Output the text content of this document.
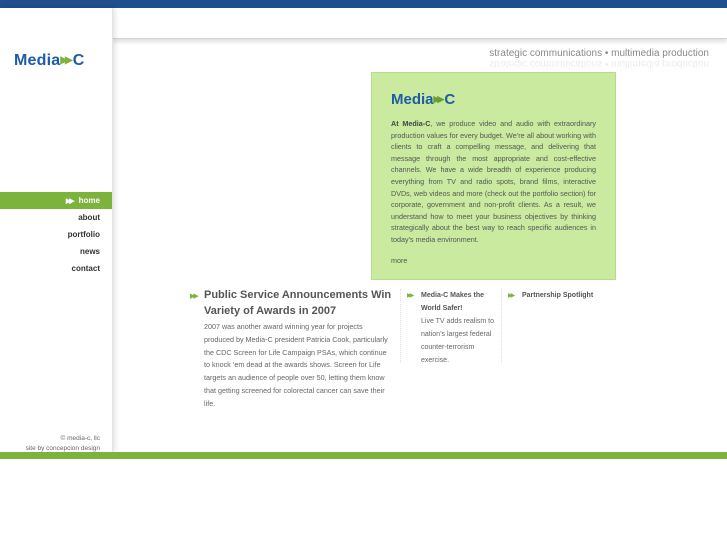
Media▶▶ C
▶▶ home
about
portfolio
news
contact
© media-c, llc
site by concepcion design
strategic communications • multimedia production
strategic communications • multimedia production
Media▶▶ C
At Media-C, we produce video and audio with extraordinary production values for every budget. We’re all about working with clients to craft a compelling message, and delivering that message through the most appropriate and cost-effective channels. We have a wide breadth of experience producing everything from TV and radio spots, brand films, interactive DVDs, web videos and more (check out the portfolio section) for corporate, government and non-profit clients. As a result, we understand how to meet your business objectives by thinking strategically about the best way to reach specific audiences in today’s media environment.
more
▶▶ Public Service Announcements Win Variety of Awards in 2007
2007 was another award winning year for projects produced by Media-C president Patricia Cook, particularly the CDC Screen for Life Campaign PSAs, which continue to knock ’em dead at the awards shows. Screen for Life targets an audience of people over 50, letting them know that getting screened for colorectal cancer can save their life.
▶▶ Media-C Makes the World Safer!
Live TV adds realism to nation’s largest federal counter-terrorism exercise.
▶▶ Partnership Spotlight
